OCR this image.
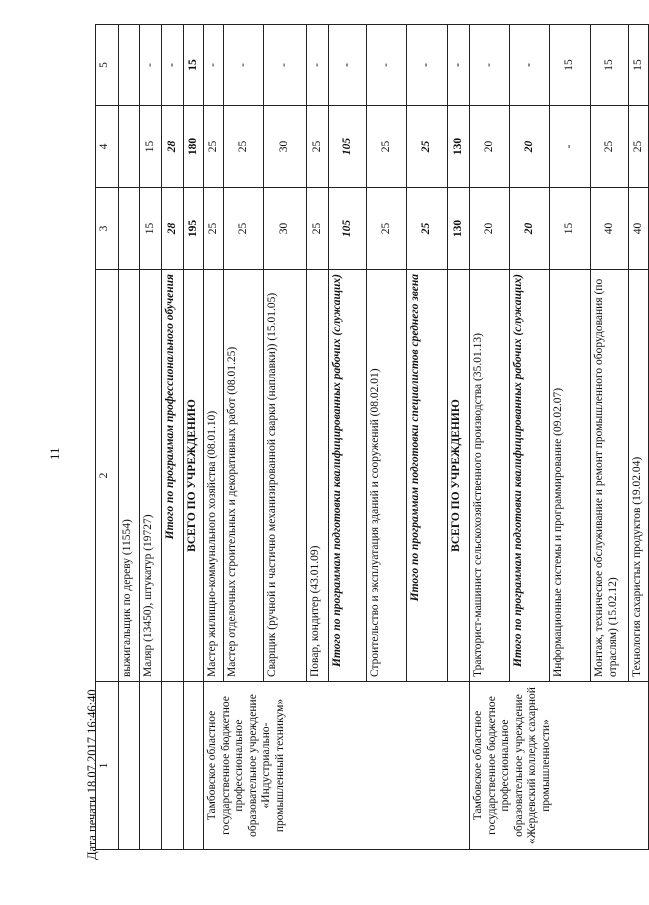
11
Дата печати 18.07.2017 16:46:40 1	2	3	4	5
	выжигальщик по дереву (11554)			
	Маляр (13450), штукатур (19727)	15	15	-
	Итого по программам профессионального обучения	28	28	-
	ВСЕГО ПО УЧРЕЖДЕНИЮ	195	180	15
Тамбовское областное государственное бюджетное профессиональное образовательное учреждение «Индустриально-промышленный техникум»	Мастер жилищно-коммунального хозяйства (08.01.10)	25	25	-
	Мастер отделочных строительных и декоративных работ (08.01.25)	25	25	-
	Сварщик (ручной и частично механизированной сварки (наплавки)) (15.01.05)	30	30	-
	Повар, кондитер (43.01.09)	25	25	-
	Итого по программам подготовки квалифицированных рабочих (служащих)	105	105	-
	Строительство и эксплуатация зданий и сооружений (08.02.01)	25	25	-
	Итого по программам подготовки специалистов среднего звена	25	25	-
	ВСЕГО ПО УЧРЕЖДЕНИЮ	130	130	-
Тамбовское областное государственное бюджетное профессиональное образовательное учреждение «Жердевский колледж сахарной промышленности»	Тракторист-машинист сельскохозяйственного производства (35.01.13)	20	20	-
	Итого по программам подготовки квалифицированных рабочих (служащих)	20	20	-
	Информационные системы и программирование (09.02.07)	15	-	15
	Монтаж, техническое обслуживание и ремонт промышленного оборудования (по отраслям) (15.02.12)	40	25	15
	Технология сахаристых продуктов (19.02.04)	40	25	15
